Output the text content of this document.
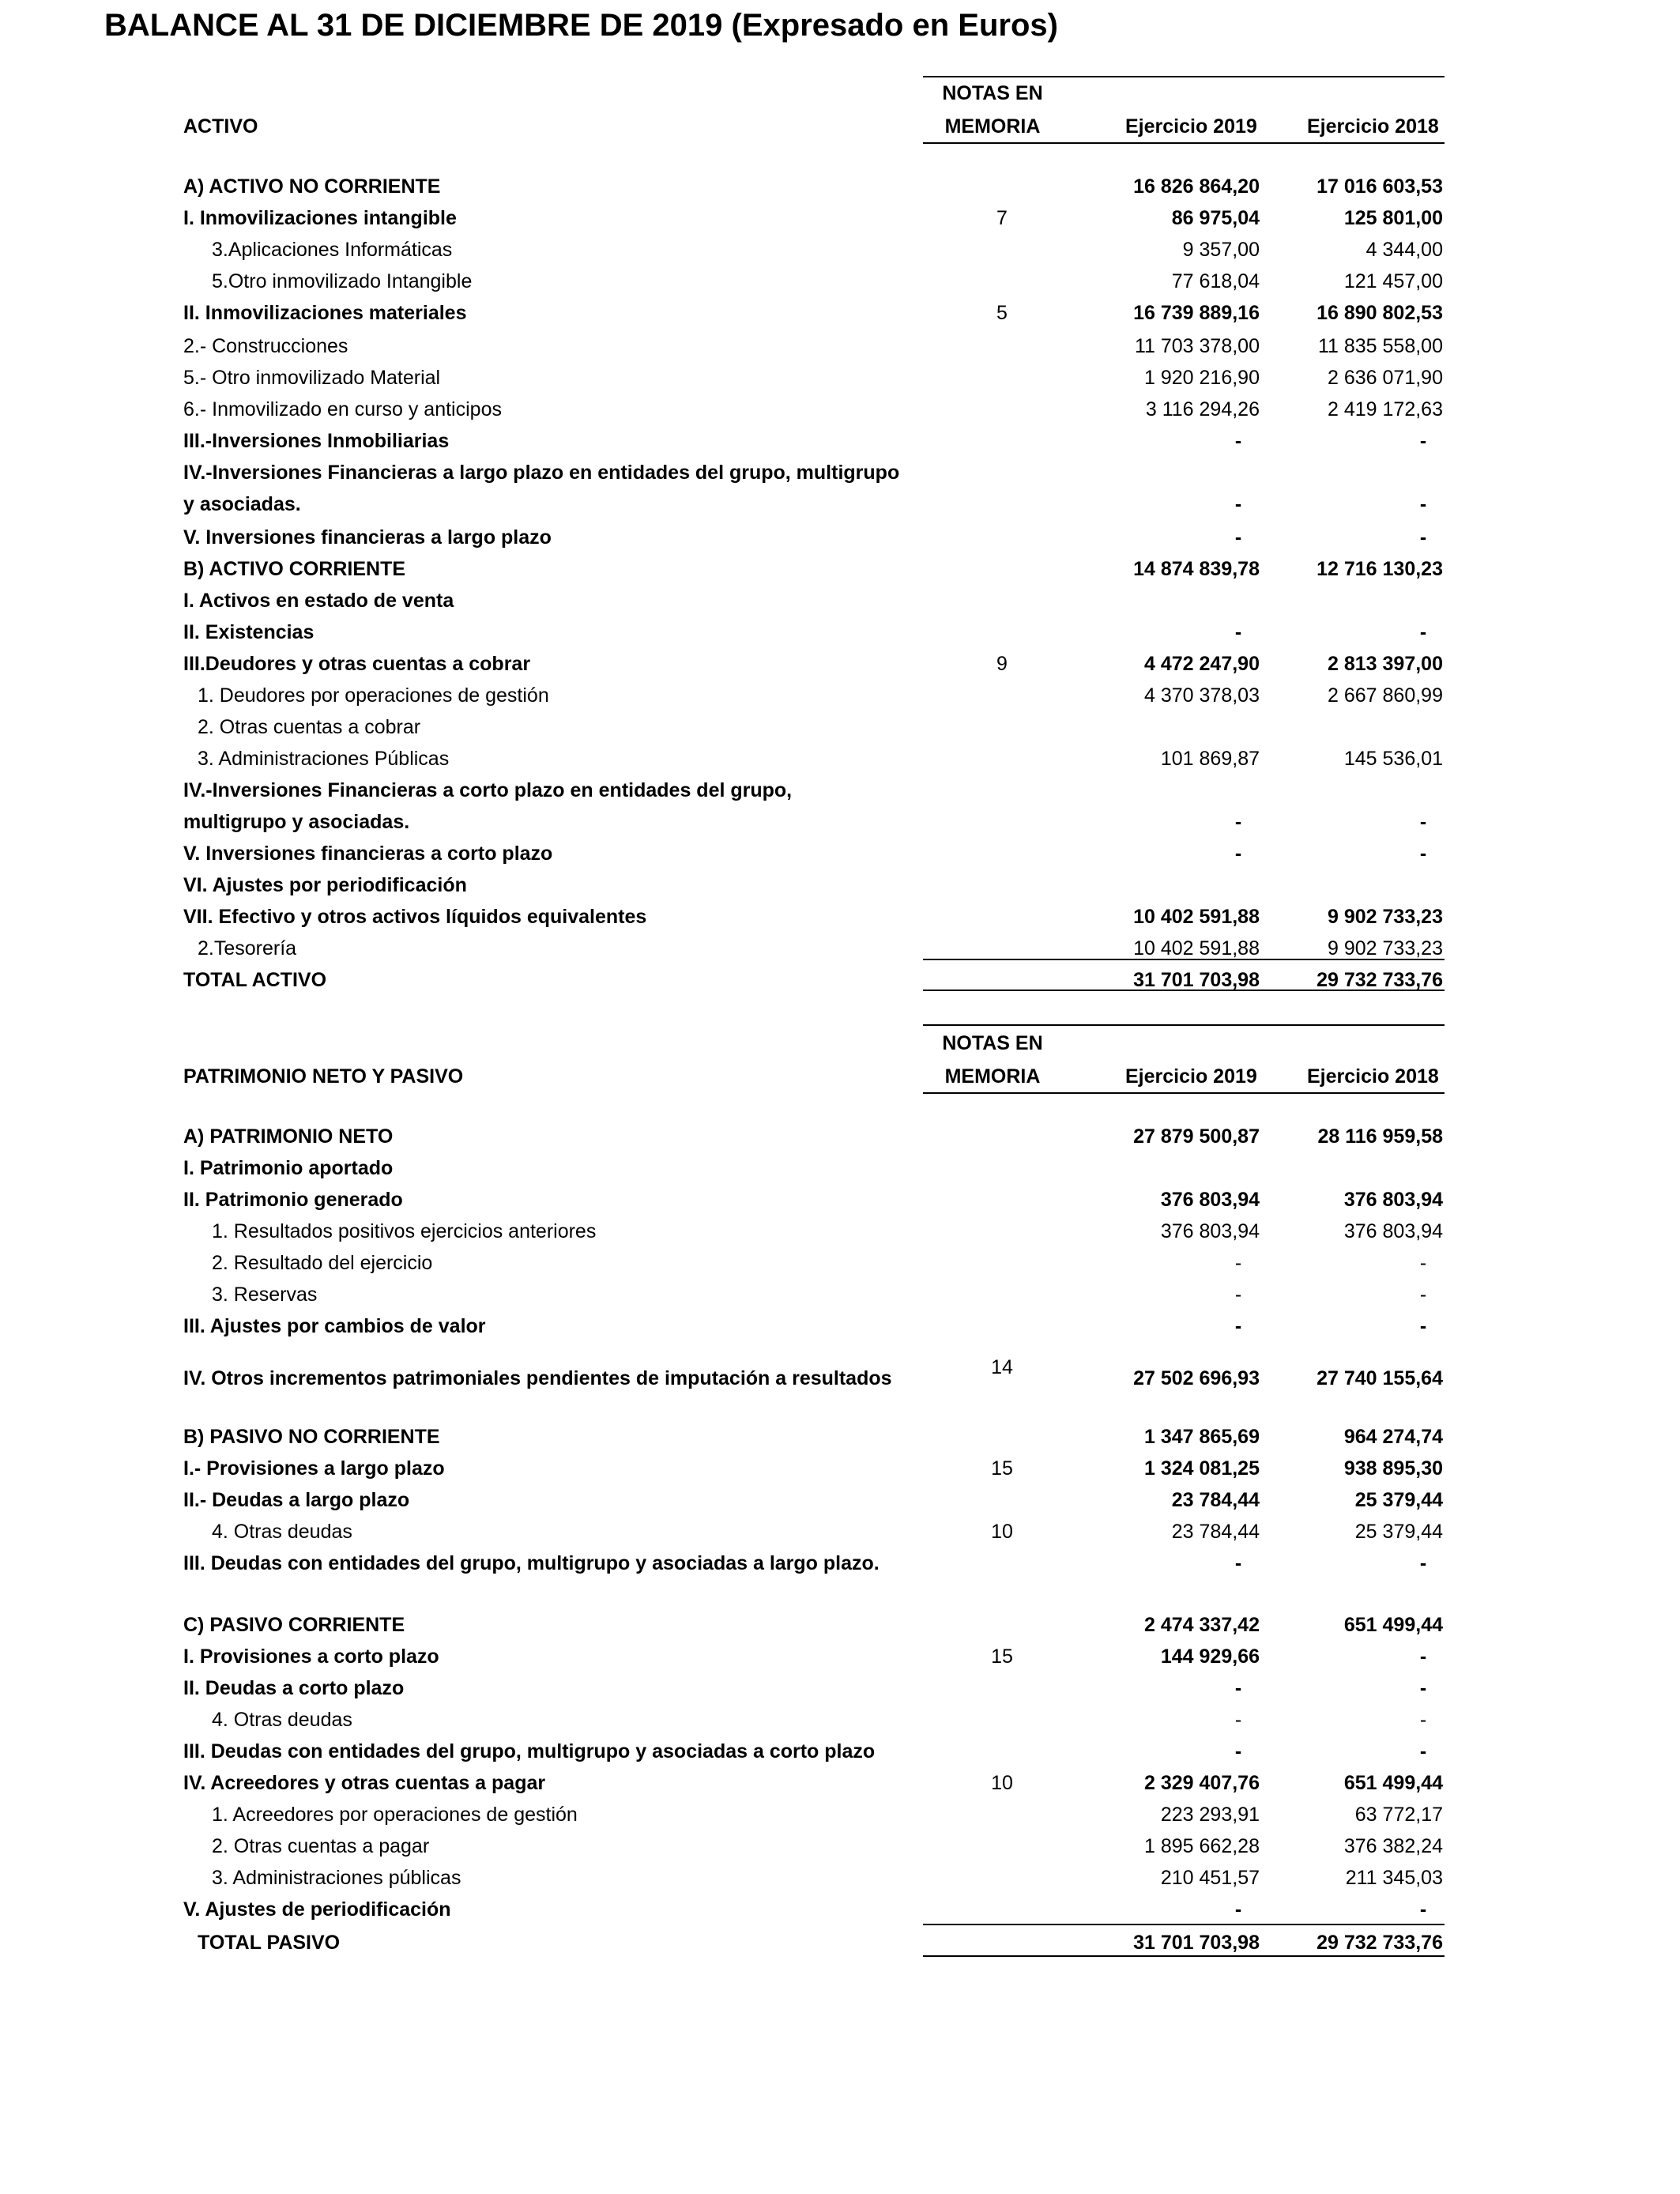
BALANCE AL 31 DE DICIEMBRE DE 2019 (Expresado en Euros)
NOTAS EN
ACTIVO	MEMORIA	Ejercicio 2019	Ejercicio 2018
A) ACTIVO NO CORRIENTE	16 826 864,20	17 016 603,53
I. Inmovilizaciones intangible	7	86 975,04	125 801,00
3.Aplicaciones Informáticas	9 357,00	4 344,00
5.Otro inmovilizado Intangible	77 618,04	121 457,00
II. Inmovilizaciones materiales	5	16 739 889,16	16 890 802,53
2.- Construcciones	11 703 378,00	11 835 558,00
5.- Otro inmovilizado Material	1 920 216,90	2 636 071,90
6.- Inmovilizado en curso y anticipos	3 116 294,26	2 419 172,63
III.-Inversiones Inmobiliarias	-	-
IV.-Inversiones Financieras a largo plazo en entidades del grupo, multigrupo
y asociadas.	-	-
V. Inversiones financieras a largo plazo	-	-
B) ACTIVO CORRIENTE	14 874 839,78	12 716 130,23
I. Activos en estado de venta
II. Existencias	-	-
III.Deudores y otras cuentas a cobrar	9	4 472 247,90	2 813 397,00
1. Deudores por operaciones de gestión	4 370 378,03	2 667 860,99
2. Otras cuentas a cobrar
3. Administraciones Públicas	101 869,87	145 536,01
IV.-Inversiones Financieras a corto plazo en entidades del grupo,
multigrupo y asociadas.	-	-
V. Inversiones financieras a corto plazo	-	-
VI. Ajustes por periodificación
VII. Efectivo y otros activos líquidos equivalentes	10 402 591,88	9 902 733,23
2.Tesorería	10 402 591,88	9 902 733,23
TOTAL ACTIVO	31 701 703,98	29 732 733,76
NOTAS EN
PATRIMONIO NETO Y PASIVO	MEMORIA	Ejercicio 2019	Ejercicio 2018
A) PATRIMONIO NETO	27 879 500,87	28 116 959,58
I. Patrimonio aportado
II. Patrimonio generado	376 803,94	376 803,94
1. Resultados positivos ejercicios anteriores	376 803,94	376 803,94
2. Resultado del ejercicio	-	-
3. Reservas	-	-
III. Ajustes por cambios de valor	-	-
IV. Otros incrementos patrimoniales pendientes de imputación a resultados	14	27 502 696,93	27 740 155,64
B) PASIVO NO CORRIENTE	1 347 865,69	964 274,74
I.- Provisiones a largo plazo	15	1 324 081,25	938 895,30
II.- Deudas a largo plazo	23 784,44	25 379,44
4. Otras deudas	10	23 784,44	25 379,44
III. Deudas con entidades del grupo, multigrupo y asociadas a largo plazo.	-	-
C) PASIVO CORRIENTE	2 474 337,42	651 499,44
I. Provisiones a corto plazo	15	144 929,66	-
II. Deudas a corto plazo	-	-
4. Otras deudas	-	-
III. Deudas con entidades del grupo, multigrupo y asociadas a corto plazo	-	-
IV. Acreedores y otras cuentas a pagar	10	2 329 407,76	651 499,44
1. Acreedores por operaciones de gestión	223 293,91	63 772,17
2. Otras cuentas a pagar	1 895 662,28	376 382,24
3. Administraciones públicas	210 451,57	211 345,03
V. Ajustes de periodificación	-	-
TOTAL PASIVO	31 701 703,98	29 732 733,76
